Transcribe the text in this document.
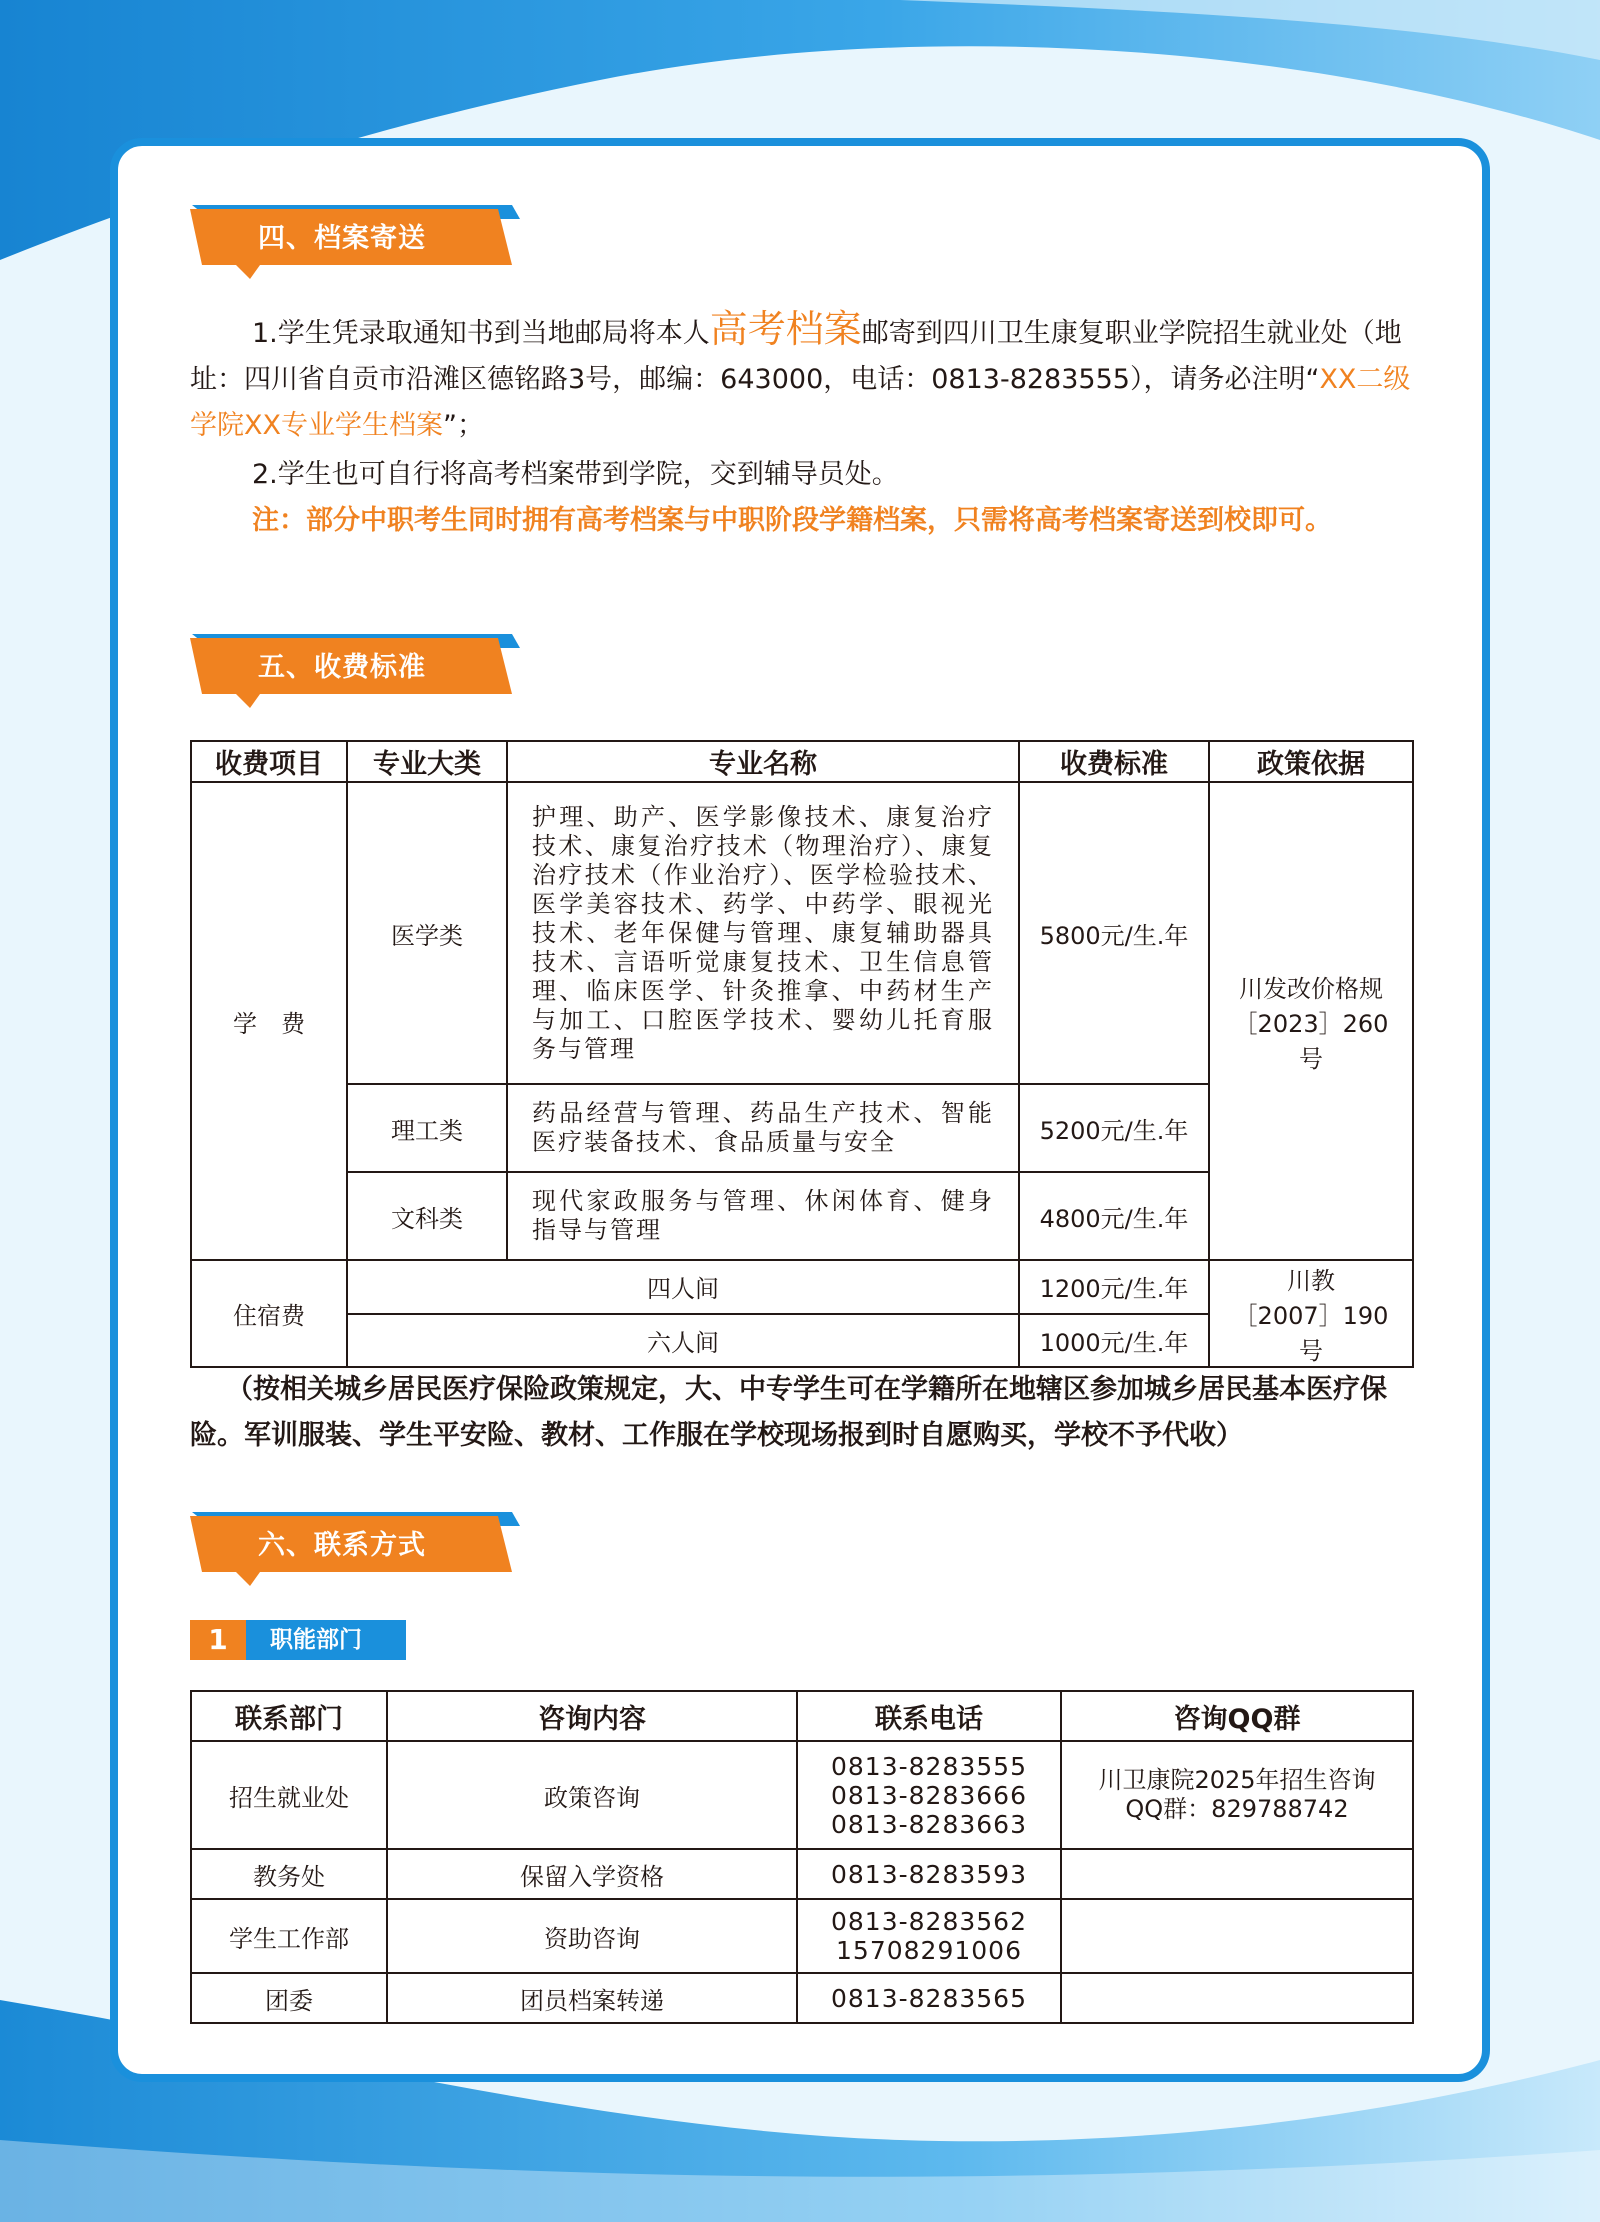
四、档案寄送
1.学生凭录取通知书到当地邮局将本人高考档案邮寄到四川卫生康复职业学院招生就业处（地址：四川省自贡市沿滩区德铭路3号，邮编：643000，电话：0813-8283555），请务必注明“XX二级学院XX专业学生档案”；
2.学生也可自行将高考档案带到学院，交到辅导员处。
注：部分中职考生同时拥有高考档案与中职阶段学籍档案，只需将高考档案寄送到校即可。
五、收费标准
收费项目	专业大类	专业名称	收费标准	政策依据
学　费	医学类	护理、助产、医学影像技术、康复治疗技术、康复治疗技术（物理治疗）、康复治疗技术（作业治疗）、医学检验技术、医学美容技术、药学、中药学、眼视光技术、老年保健与管理、康复辅助器具技术、言语听觉康复技术、卫生信息管理、临床医学、针灸推拿、中药材生产与加工、口腔医学技术、婴幼儿托育服务与管理	5800元/生.年	川发改价格规
［2023］260号
	理工类	药品经营与管理、药品生产技术、智能医疗装备技术、食品质量与安全	5200元/生.年	
	文科类	现代家政服务与管理、休闲体育、健身指导与管理	4800元/生.年	
住宿费	四人间		1200元/生.年	川教
［2007］190号
	六人间		1000元/生.年	
（按相关城乡居民医疗保险政策规定，大、中专学生可在学籍所在地辖区参加城乡居民基本医疗保险。军训服装、学生平安险、教材、工作服在学校现场报到时自愿购买，学校不予代收）
六、联系方式
1	职能部门
联系部门	咨询内容	联系电话	咨询QQ群
招生就业处	政策咨询	0813-8283555
0813-8283666
0813-8283663	川卫康院2025年招生咨询
QQ群：829788742
教务处	保留入学资格	0813-8283593	
学生工作部	资助咨询	0813-8283562
15708291006	
团委	团员档案转递	0813-8283565	
